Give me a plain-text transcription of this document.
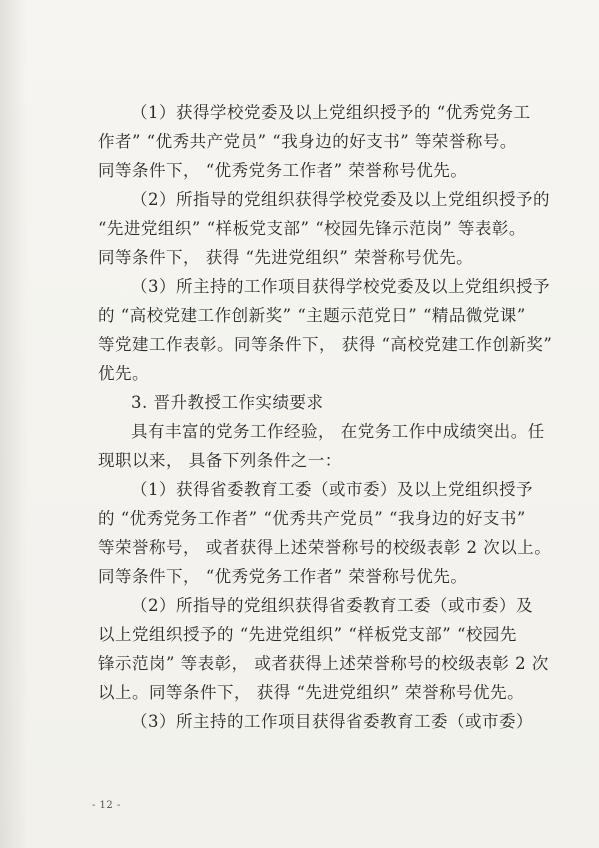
（1）获得学校党委及以上党组织授予的 “优秀党务工
作者” “优秀共产党员” “我身边的好支书” 等荣誉称号。
同等条件下， “优秀党务工作者” 荣誉称号优先。
（2）所指导的党组织获得学校党委及以上党组织授予的
“先进党组织” “样板党支部” “校园先锋示范岗” 等表彰。
同等条件下， 获得 “先进党组织” 荣誉称号优先。
（3）所主持的工作项目获得学校党委及以上党组织授予
的 “高校党建工作创新奖” “主题示范党日” “精品微党课”
等党建工作表彰。同等条件下， 获得 “高校党建工作创新奖”
优先。
3. 晋升教授工作实绩要求
具有丰富的党务工作经验， 在党务工作中成绩突出。任
现职以来， 具备下列条件之一：
（1）获得省委教育工委（或市委）及以上党组织授予
的 “优秀党务工作者” “优秀共产党员” “我身边的好支书”
等荣誉称号， 或者获得上述荣誉称号的校级表彰 2 次以上。
同等条件下， “优秀党务工作者” 荣誉称号优先。
（2）所指导的党组织获得省委教育工委（或市委）及
以上党组织授予的 “先进党组织” “样板党支部” “校园先
锋示范岗” 等表彰， 或者获得上述荣誉称号的校级表彰 2 次
以上。同等条件下， 获得 “先进党组织” 荣誉称号优先。
（3）所主持的工作项目获得省委教育工委（或市委）
- 12 -
